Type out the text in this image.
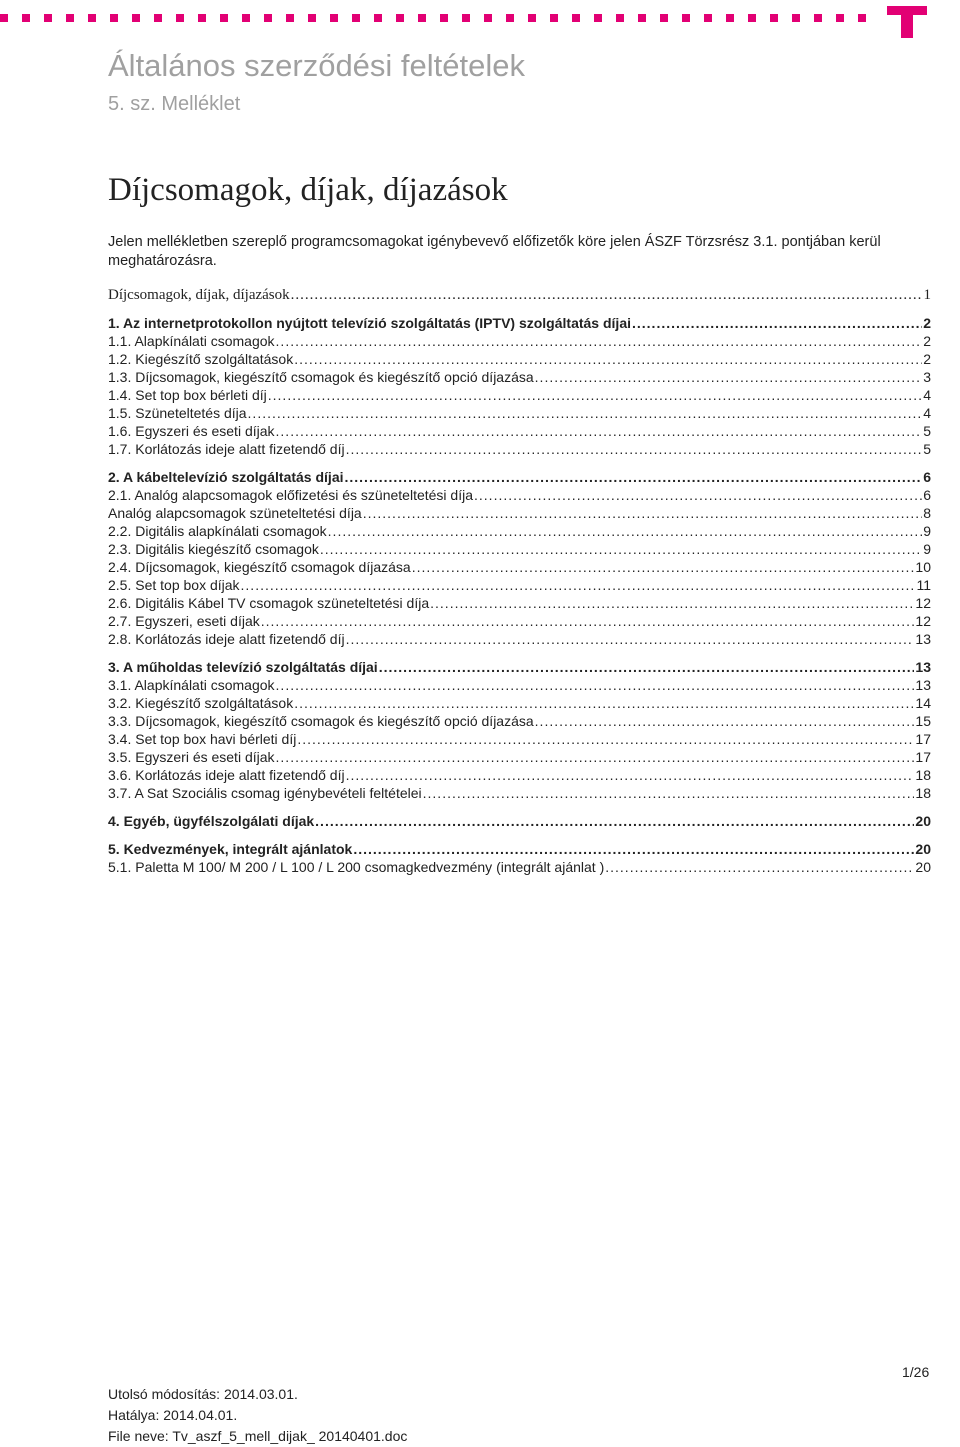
Általános szerződési feltételek
5. sz. Melléklet
Díjcsomagok, díjak, díjazások
Jelen mellékletben szereplő programcsomagokat igénybevevő előfizetők köre jelen ÁSZF Törzsrész 3.1. pontjában kerül meghatározásra.
Díjcsomagok, díjak, díjazások .....	1
1. Az internetprotokollon nyújtott televízió szolgáltatás (IPTV) szolgáltatás díjai .....	2
1.1. Alapkínálati csomagok .....	2
1.2. Kiegészítő szolgáltatások .....	2
1.3. Díjcsomagok, kiegészítő csomagok és kiegészítő opció díjazása .....	3
1.4. Set top box bérleti díj .....	4
1.5. Szüneteltetés díja .....	4
1.6. Egyszeri és eseti díjak .....	5
1.7. Korlátozás ideje alatt fizetendő díj .....	5
2. A kábeltelevízió szolgáltatás díjai .....	6
2.1. Analóg alapcsomagok előfizetési és szüneteltetési díja .....	6
Analóg alapcsomagok szüneteltetési díja .....	8
2.2. Digitális alapkínálati csomagok .....	9
2.3. Digitális kiegészítő csomagok .....	9
2.4. Díjcsomagok, kiegészítő csomagok díjazása .....	10
2.5. Set top box díjak .....	11
2.6. Digitális Kábel TV csomagok szüneteltetési díja .....	12
2.7. Egyszeri, eseti díjak .....	12
2.8. Korlátozás ideje alatt fizetendő díj .....	13
3. A műholdas televízió szolgáltatás díjai .....	13
3.1. Alapkínálati csomagok .....	13
3.2. Kiegészítő szolgáltatások .....	14
3.3. Díjcsomagok, kiegészítő csomagok és kiegészítő opció díjazása .....	15
3.4. Set top box havi bérleti díj .....	17
3.5. Egyszeri és eseti díjak .....	17
3.6. Korlátozás ideje alatt fizetendő díj .....	18
3.7. A Sat Szociális csomag igénybevételi feltételei .....	18
4. Egyéb, ügyfélszolgálati díjak .....	20
5. Kedvezmények, integrált ajánlatok .....	20
5.1. Paletta M 100/ M 200 / L 100 / L 200 csomagkedvezmény (integrált ajánlat ) .....	20
1/26
Utolsó módosítás: 2014.03.01.
Hatálya: 2014.04.01.
File neve: Tv_aszf_5_mell_dijak_ 20140401.doc
